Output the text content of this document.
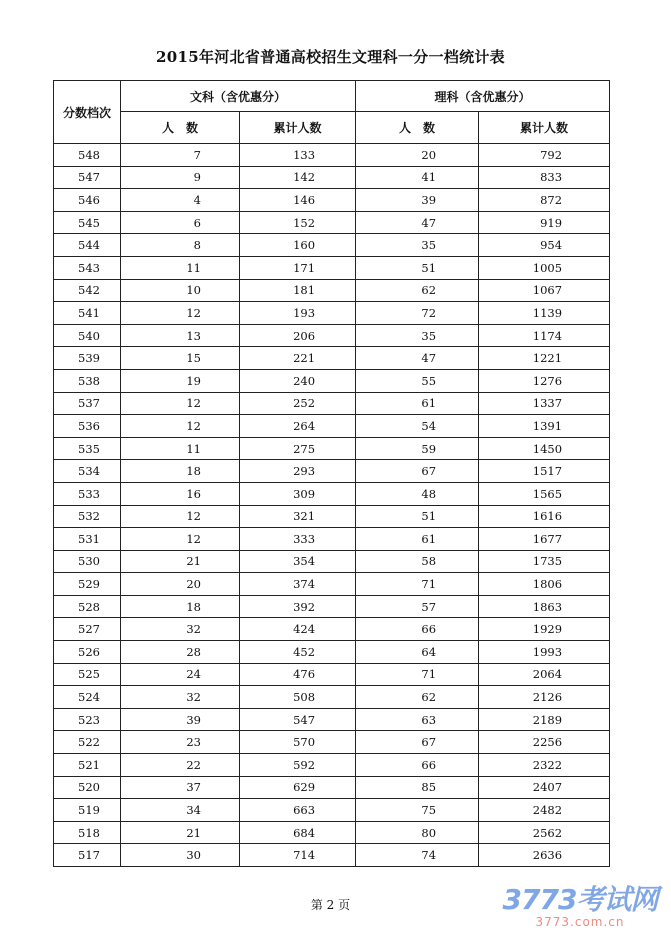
2015年河北省普通高校招生文理科一分一档统计表
分数档次	文科（含优惠分）		理科（含优惠分）	
	人　数	累计人数	人　数	累计人数
548	7	133	20	792
547	9	142	41	833
546	4	146	39	872
545	6	152	47	919
544	8	160	35	954
543	11	171	51	1005
542	10	181	62	1067
541	12	193	72	1139
540	13	206	35	1174
539	15	221	47	1221
538	19	240	55	1276
537	12	252	61	1337
536	12	264	54	1391
535	11	275	59	1450
534	18	293	67	1517
533	16	309	48	1565
532	12	321	51	1616
531	12	333	61	1677
530	21	354	58	1735
529	20	374	71	1806
528	18	392	57	1863
527	32	424	66	1929
526	28	452	64	1993
525	24	476	71	2064
524	32	508	62	2126
523	39	547	63	2189
522	23	570	67	2256
521	22	592	66	2322
520	37	629	85	2407
519	34	663	75	2482
518	21	684	80	2562
517	30	714	74	2636
第 2 页	3773考试网
3773.com.cn
